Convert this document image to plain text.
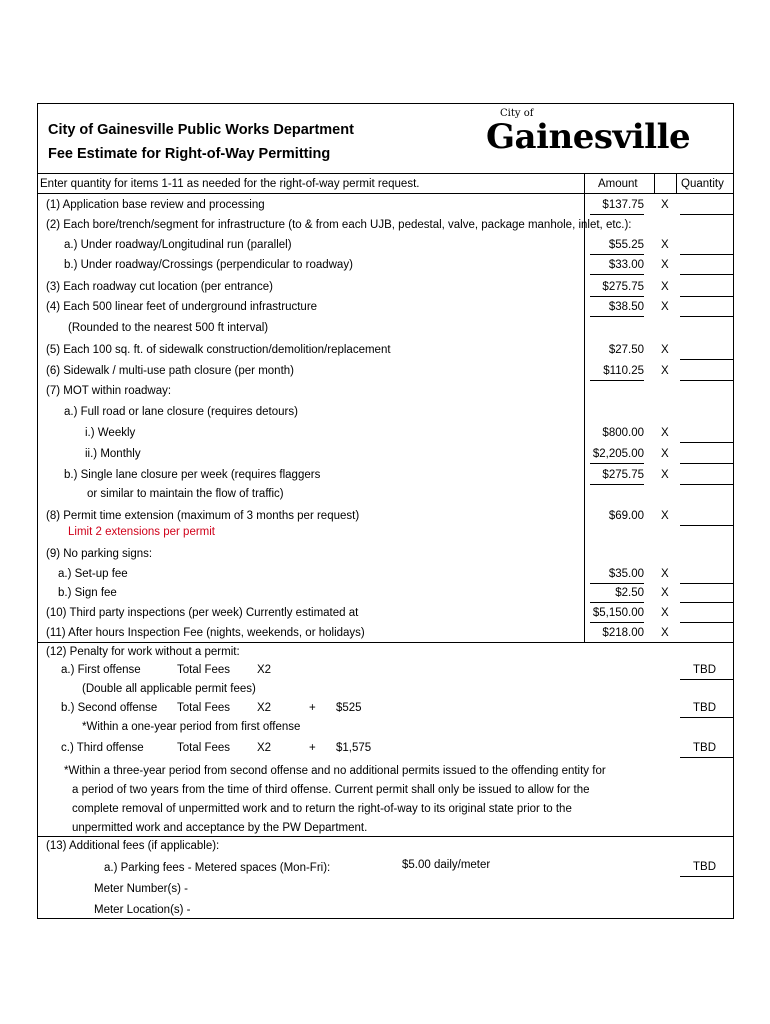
City of Gainesville Public Works Department
Fee Estimate for Right-of-Way Permitting
City of
Gainesville
Enter quantity for items 1-11 as needed for the right-of-way permit request.	Amount	Quantity
(1) Application base review and processing	$137.75 X
(2) Each bore/trench/segment for infrastructure (to & from each UJB, pedestal, valve, package manhole, inlet, etc.):
a.) Under roadway/Longitudinal run (parallel)	$55.25 X
b.) Under roadway/Crossings (perpendicular to roadway)	$33.00 X
(3) Each roadway cut location (per entrance)	$275.75 X
(4) Each 500 linear feet of underground infrastructure	$38.50 X
(Rounded to the nearest 500 ft interval)
(5) Each 100 sq. ft. of sidewalk construction/demolition/replacement	$27.50 X
(6) Sidewalk / multi-use path closure (per month)	$110.25 X
(7) MOT within roadway:
a.) Full road or lane closure (requires detours)
i.) Weekly	$800.00 X
ii.) Monthly	$2,205.00 X
b.) Single lane closure per week (requires flaggers	$275.75 X
or similar to maintain the flow of traffic)
(8) Permit time extension (maximum of 3 months per request)	$69.00 X
Limit 2 extensions per permit
(9) No parking signs:
a.) Set-up fee	$35.00 X
b.) Sign fee	$2.50 X
(10) Third party inspections (per week) Currently estimated at	$5,150.00 X
(11) After hours Inspection Fee (nights, weekends, or holidays)	$218.00 X
(12) Penalty for work without a permit:
a.) First offense	Total Fees X2	TBD
(Double all applicable permit fees)
b.) Second offense Total Fees X2	+ $525	TBD
*Within a one-year period from first offense
c.) Third offense	Total Fees X2	+ $1,575	TBD
*Within a three-year period from second offense and no additional permits issued to the offending entity for
a period of two years from the time of third offense. Current permit shall only be issued to allow for the
complete removal of unpermitted work and to return the right-of-way to its original state prior to the
unpermitted work and acceptance by the PW Department.
(13) Additional fees (if applicable):
a.) Parking fees - Metered spaces (Mon-Fri):	$5.00 daily/meter	TBD
Meter Number(s) -
Meter Location(s) -
